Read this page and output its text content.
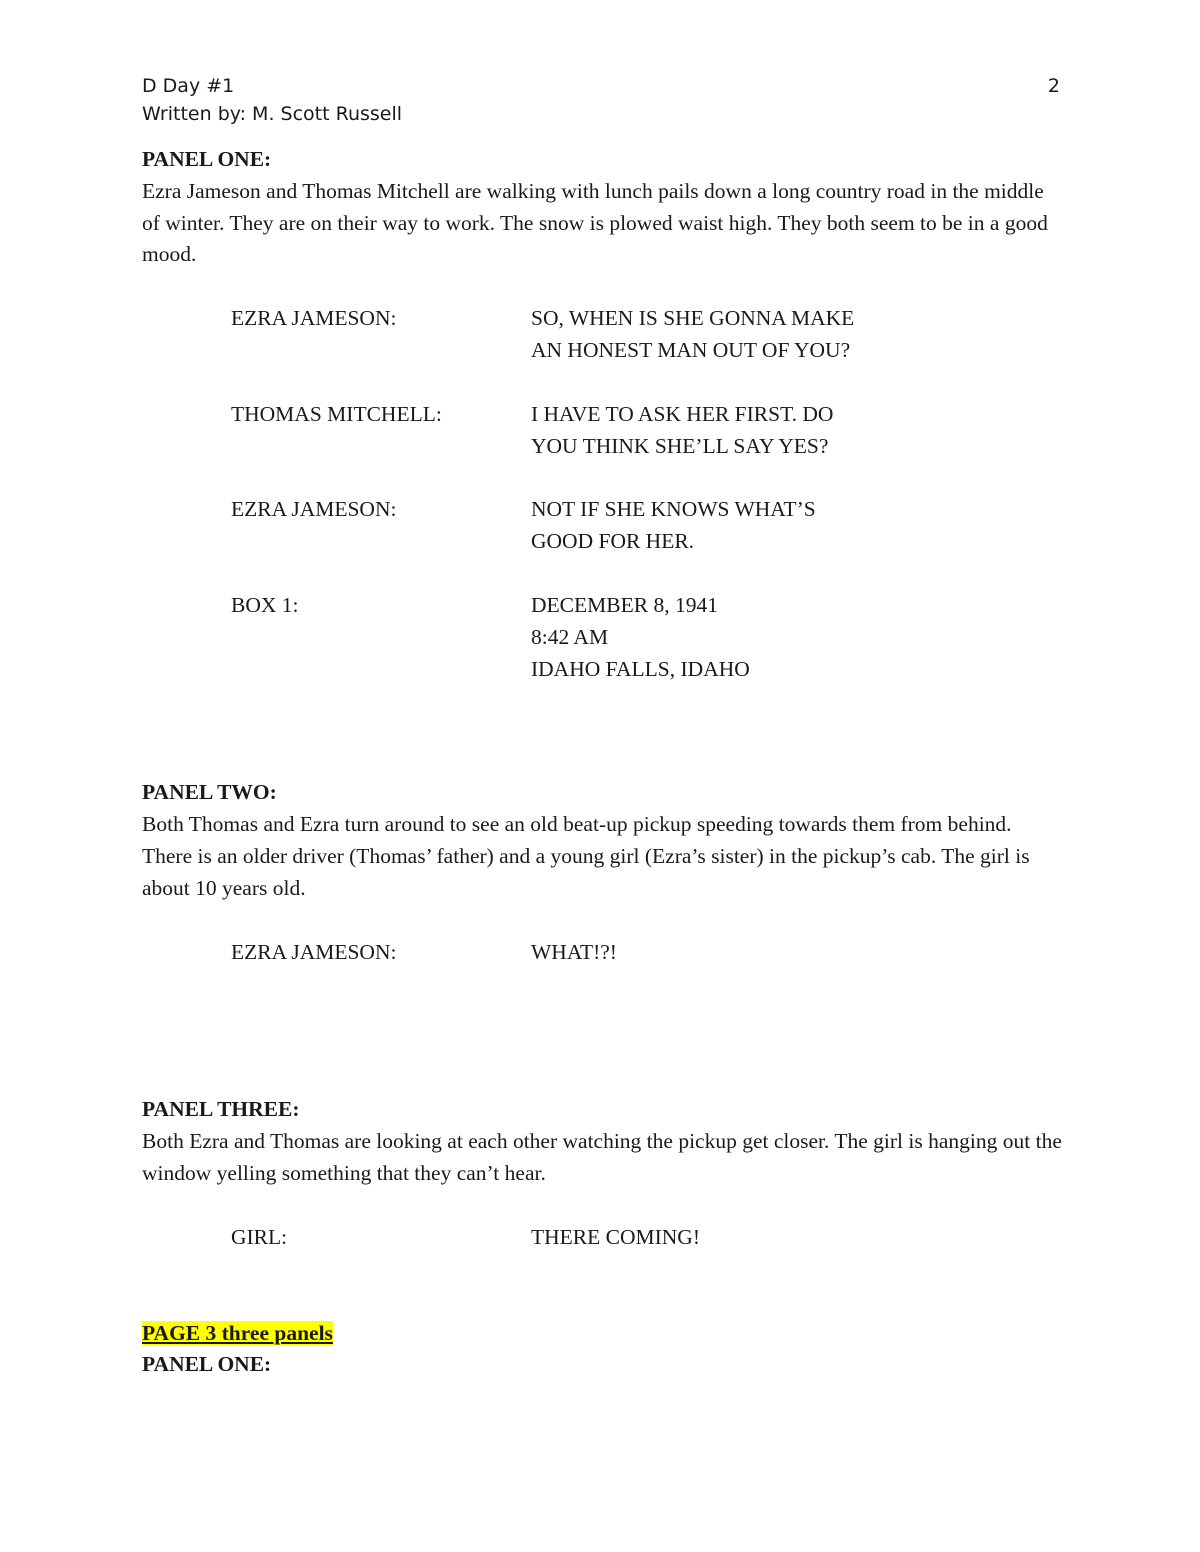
D Day #1	2
Written by: M. Scott Russell
PANEL ONE:

Ezra Jameson and Thomas Mitchell are walking with lunch pails down a long country road in the middle of winter. They are on their way to work. The snow is plowed waist high. They both seem to be in a good mood.

EZRA JAMESON:	SO, WHEN IS SHE GONNA MAKE
AN HONEST MAN OUT OF YOU?
THOMAS MITCHELL:	I HAVE TO ASK HER FIRST. DO
YOU THINK SHE’LL SAY YES?
EZRA JAMESON:	NOT IF SHE KNOWS WHAT’S
GOOD FOR HER.
BOX 1:	DECEMBER 8, 1941
8:42 AM
IDAHO FALLS, IDAHO
PANEL TWO:

Both Thomas and Ezra turn around to see an old beat-up pickup speeding towards them from behind. There is an older driver (Thomas’ father) and a young girl (Ezra’s sister) in the pickup’s cab. The girl is about 10 years old.

EZRA JAMESON:	WHAT!?!
PANEL THREE:

Both Ezra and Thomas are looking at each other watching the pickup get closer. The girl is hanging out the window yelling something that they can’t hear.

GIRL:	THERE COMING!
PAGE 3 three panels
PANEL ONE:
